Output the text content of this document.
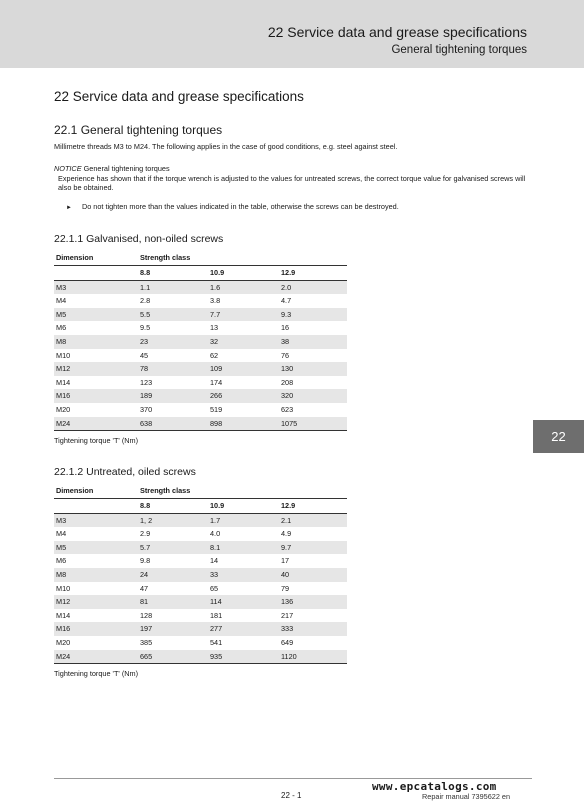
22 Service data and grease specifications
General tightening torques
22 Service data and grease specifications
22.1 General tightening torques
Millimetre threads M3 to M24. The following applies in the case of good conditions, e.g. steel against steel.
NOTICE General tightening torques
Experience has shown that if the torque wrench is adjusted to the values for untreated screws, the correct torque value for galvanised screws will also be obtained.
► Do not tighten more than the values indicated in the table, otherwise the screws can be destroyed.
22.1.1 Galvanised, non-oiled screws
Dimension	Strength class		
	8.8	10.9	12.9
M3	1.1	1.6	2.0
M4	2.8	3.8	4.7
M5	5.5	7.7	9.3
M6	9.5	13	16
M8	23	32	38
M10	45	62	76
M12	78	109	130
M14	123	174	208
M16	189	266	320
M20	370	519	623
M24	638	898	1075
Tightening torque 'T' (Nm)	22
22.1.2 Untreated, oiled screws
Dimension	Strength class		
	8.8	10.9	12.9
M3	1, 2	1.7	2.1
M4	2.9	4.0	4.9
M5	5.7	8.1	9.7
M6	9.8	14	17
M8	24	33	40
M10	47	65	79
M12	81	114	136
M14	128	181	217
M16	197	277	333
M20	385	541	649
M24	665	935	1120
Tightening torque 'T' (Nm)
www.epcatalogs.com
22 - 1	Repair manual 7395622 en
